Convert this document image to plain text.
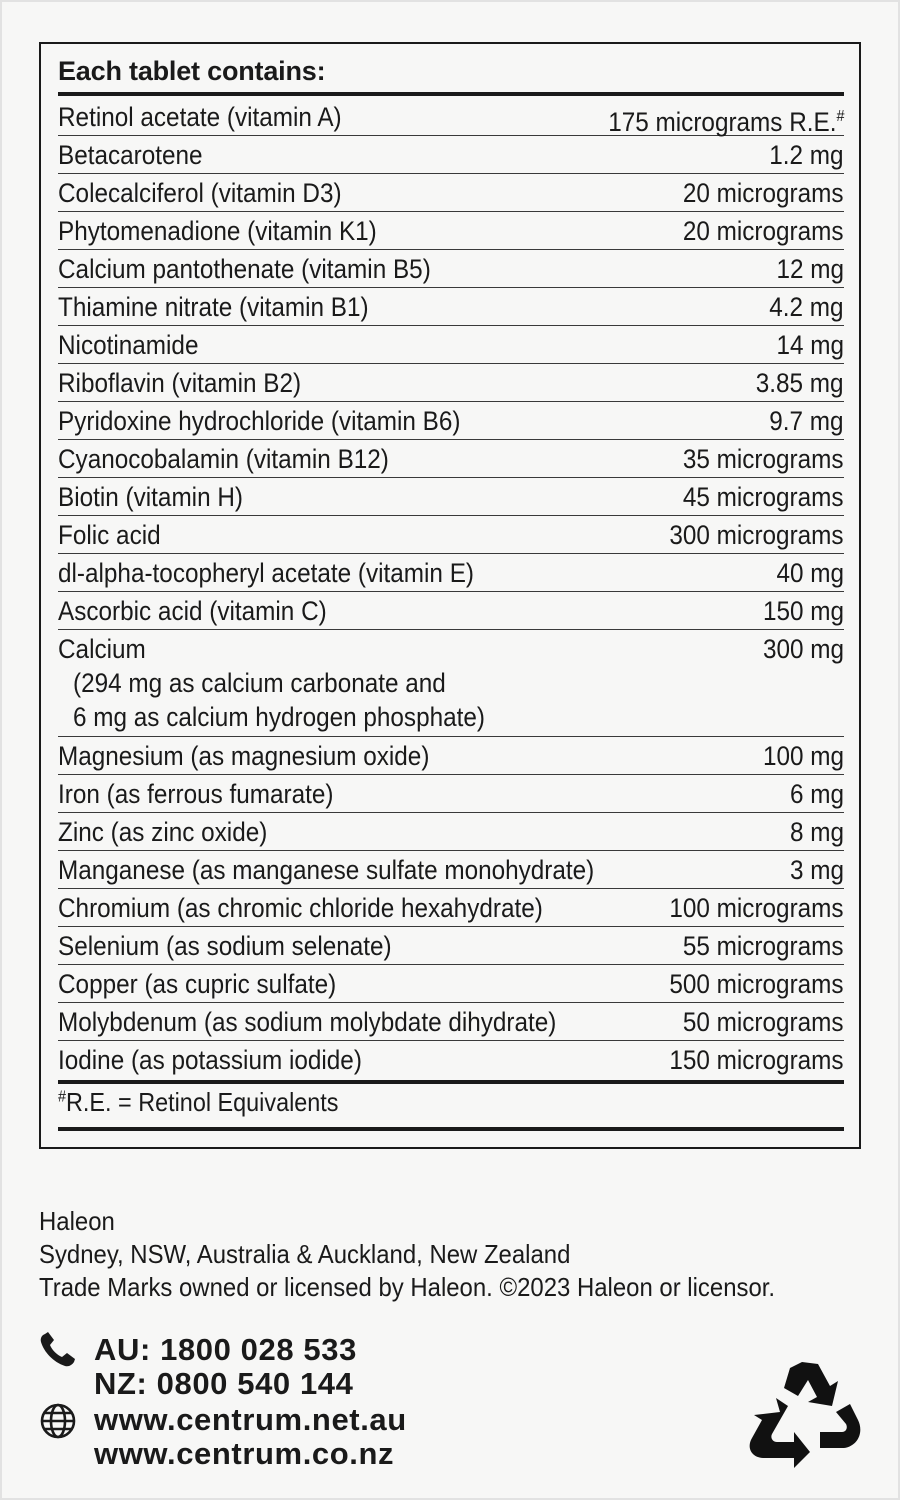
Each tablet contains:
Retinol acetate (vitamin A)	175 micrograms R.E.#
Betacarotene	1.2 mg
Colecalciferol (vitamin D3)	20 micrograms
Phytomenadione (vitamin K1)	20 micrograms
Calcium pantothenate (vitamin B5)	12 mg
Thiamine nitrate (vitamin B1)	4.2 mg
Nicotinamide	14 mg
Riboflavin (vitamin B2)	3.85 mg
Pyridoxine hydrochloride (vitamin B6)	9.7 mg
Cyanocobalamin (vitamin B12)	35 micrograms
Biotin (vitamin H)	45 micrograms
Folic acid	300 micrograms
dl-alpha-tocopheryl acetate (vitamin E)	40 mg
Ascorbic acid (vitamin C)	150 mg
Calcium	300 mg
(294 mg as calcium carbonate and
6 mg as calcium hydrogen phosphate)
Magnesium (as magnesium oxide)	100 mg
Iron (as ferrous fumarate)	6 mg
Zinc (as zinc oxide)	8 mg
Manganese (as manganese sulfate monohydrate)	3 mg
Chromium (as chromic chloride hexahydrate)	100 micrograms
Selenium (as sodium selenate)	55 micrograms
Copper (as cupric sulfate)	500 micrograms
Molybdenum (as sodium molybdate dihydrate)	50 micrograms
Iodine (as potassium iodide)	150 micrograms
#R.E. = Retinol Equivalents
Haleon
Sydney, NSW, Australia & Auckland, New Zealand
Trade Marks owned or licensed by Haleon. ©2023 Haleon or licensor.
AU: 1800 028 533
NZ: 0800 540 144
www.centrum.net.au
www.centrum.co.nz
